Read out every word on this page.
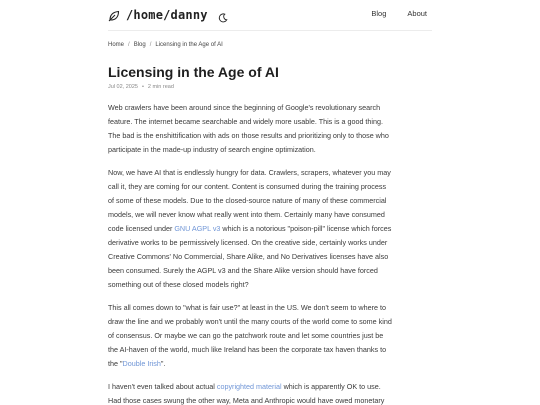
/home/danny	Blog	About
Home / Blog / Licensing in the Age of AI
Licensing in the Age of AI
Jul 02, 2025 • 2 min read

Web crawlers have been around since the beginning of Google's revolutionary search
feature. The internet became searchable and widely more usable. This is a good thing.
The bad is the enshittification with ads on those results and prioritizing only to those who
participate in the made-up industry of search engine optimization.

Now, we have AI that is endlessly hungry for data. Crawlers, scrapers, whatever you may
call it, they are coming for our content. Content is consumed during the training process
of some of these models. Due to the closed-source nature of many of these commercial
models, we will never know what really went into them. Certainly many have consumed
code licensed under GNU AGPL v3 which is a notorious "poison-pill" license which forces
derivative works to be permissively licensed. On the creative side, certainly works under
Creative Commons' No Commercial, Share Alike, and No Derivatives licenses have also
been consumed. Surely the AGPL v3 and the Share Alike version should have forced
something out of these closed models right?

This all comes down to "what is fair use?" at least in the US. We don't seem to where to
draw the line and we probably won't until the many courts of the world come to some kind
of consensus. Or maybe we can go the patchwork route and let some countries just be
the AI-haven of the world, much like Ireland has been the corporate tax haven thanks to
the "Double Irish".

I haven't even talked about actual copyrighted material which is apparently OK to use.
Had those cases swung the other way, Meta and Anthropic would have owed monetary
